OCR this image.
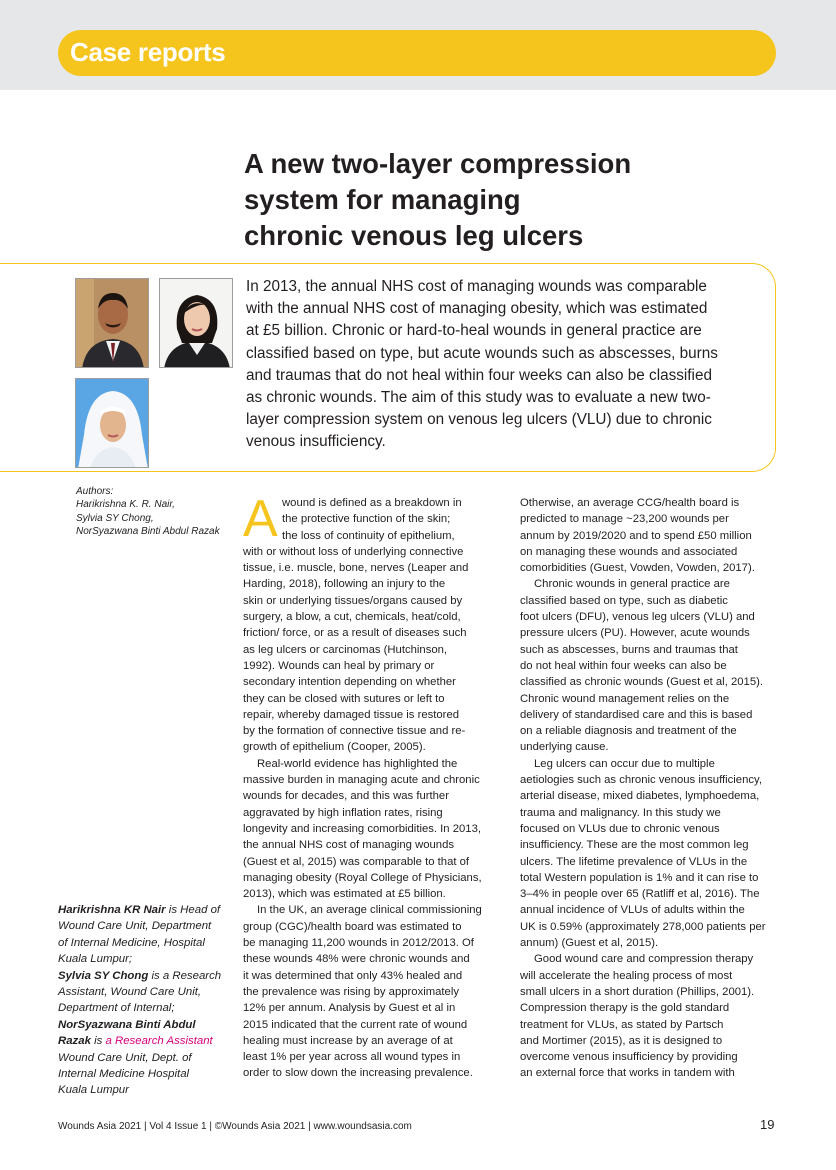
Case reports
A new two-layer compression
system for managing
chronic venous leg ulcers
In 2013, the annual NHS cost of managing wounds was comparable
with the annual NHS cost of managing obesity, which was estimated
at £5 billion. Chronic or hard-to-heal wounds in general practice are
classified based on type, but acute wounds such as abscesses, burns
and traumas that do not heal within four weeks can also be classified
as chronic wounds. The aim of this study was to evaluate a new two-
layer compression system on venous leg ulcers (VLU) due to chronic
venous insufficiency.
Authors:
Harikrishna K. R. Nair,
Sylvia SY Chong,
NorSyazwana Binti Abdul Razak
Harikrishna KR Nair is Head of
Wound Care Unit, Department
of Internal Medicine, Hospital
Kuala Lumpur;
Sylvia SY Chong is a Research
Assistant, Wound Care Unit,
Department of Internal;
NorSyazwana Binti Abdul
Razak is a Research Assistant
Wound Care Unit, Dept. of
Internal Medicine Hospital
Kuala Lumpur
A wound is defined as a breakdown in
the protective function of the skin;
the loss of continuity of epithelium,
with or without loss of underlying connective
tissue, i.e. muscle, bone, nerves (Leaper and
Harding, 2018), following an injury to the
skin or underlying tissues/organs caused by
surgery, a blow, a cut, chemicals, heat/cold,
friction/ force, or as a result of diseases such
as leg ulcers or carcinomas (Hutchinson,
1992). Wounds can heal by primary or
secondary intention depending on whether
they can be closed with sutures or left to
repair, whereby damaged tissue is restored
by the formation of connective tissue and re-
growth of epithelium (Cooper, 2005).
Real-world evidence has highlighted the
massive burden in managing acute and chronic
wounds for decades, and this was further
aggravated by high inflation rates, rising
longevity and increasing comorbidities. In 2013,
the annual NHS cost of managing wounds
(Guest et al, 2015) was comparable to that of
managing obesity (Royal College of Physicians,
2013), which was estimated at £5 billion.
In the UK, an average clinical commissioning
group (CGC)/health board was estimated to
be managing 11,200 wounds in 2012/2013. Of
these wounds 48% were chronic wounds and
it was determined that only 43% healed and
the prevalence was rising by approximately
12% per annum. Analysis by Guest et al in
2015 indicated that the current rate of wound
healing must increase by an average of at
least 1% per year across all wound types in
order to slow down the increasing prevalence.
Otherwise, an average CCG/health board is
predicted to manage ~23,200 wounds per
annum by 2019/2020 and to spend £50 million
on managing these wounds and associated
comorbidities (Guest, Vowden, Vowden, 2017).
Chronic wounds in general practice are
classified based on type, such as diabetic
foot ulcers (DFU), venous leg ulcers (VLU) and
pressure ulcers (PU). However, acute wounds
such as abscesses, burns and traumas that
do not heal within four weeks can also be
classified as chronic wounds (Guest et al, 2015).
Chronic wound management relies on the
delivery of standardised care and this is based
on a reliable diagnosis and treatment of the
underlying cause.
Leg ulcers can occur due to multiple
aetiologies such as chronic venous insufficiency,
arterial disease, mixed diabetes, lymphoedema,
trauma and malignancy. In this study we
focused on VLUs due to chronic venous
insufficiency. These are the most common leg
ulcers. The lifetime prevalence of VLUs in the
total Western population is 1% and it can rise to
3–4% in people over 65 (Ratliff et al, 2016). The
annual incidence of VLUs of adults within the
UK is 0.59% (approximately 278,000 patients per
annum) (Guest et al, 2015).
Good wound care and compression therapy
will accelerate the healing process of most
small ulcers in a short duration (Phillips, 2001).
Compression therapy is the gold standard
treatment for VLUs, as stated by Partsch
and Mortimer (2015), as it is designed to
overcome venous insufficiency by providing
an external force that works in tandem with
Wounds Asia 2021 | Vol 4 Issue 1 | ©Wounds Asia 2021 | www.woundsasia.com	19
